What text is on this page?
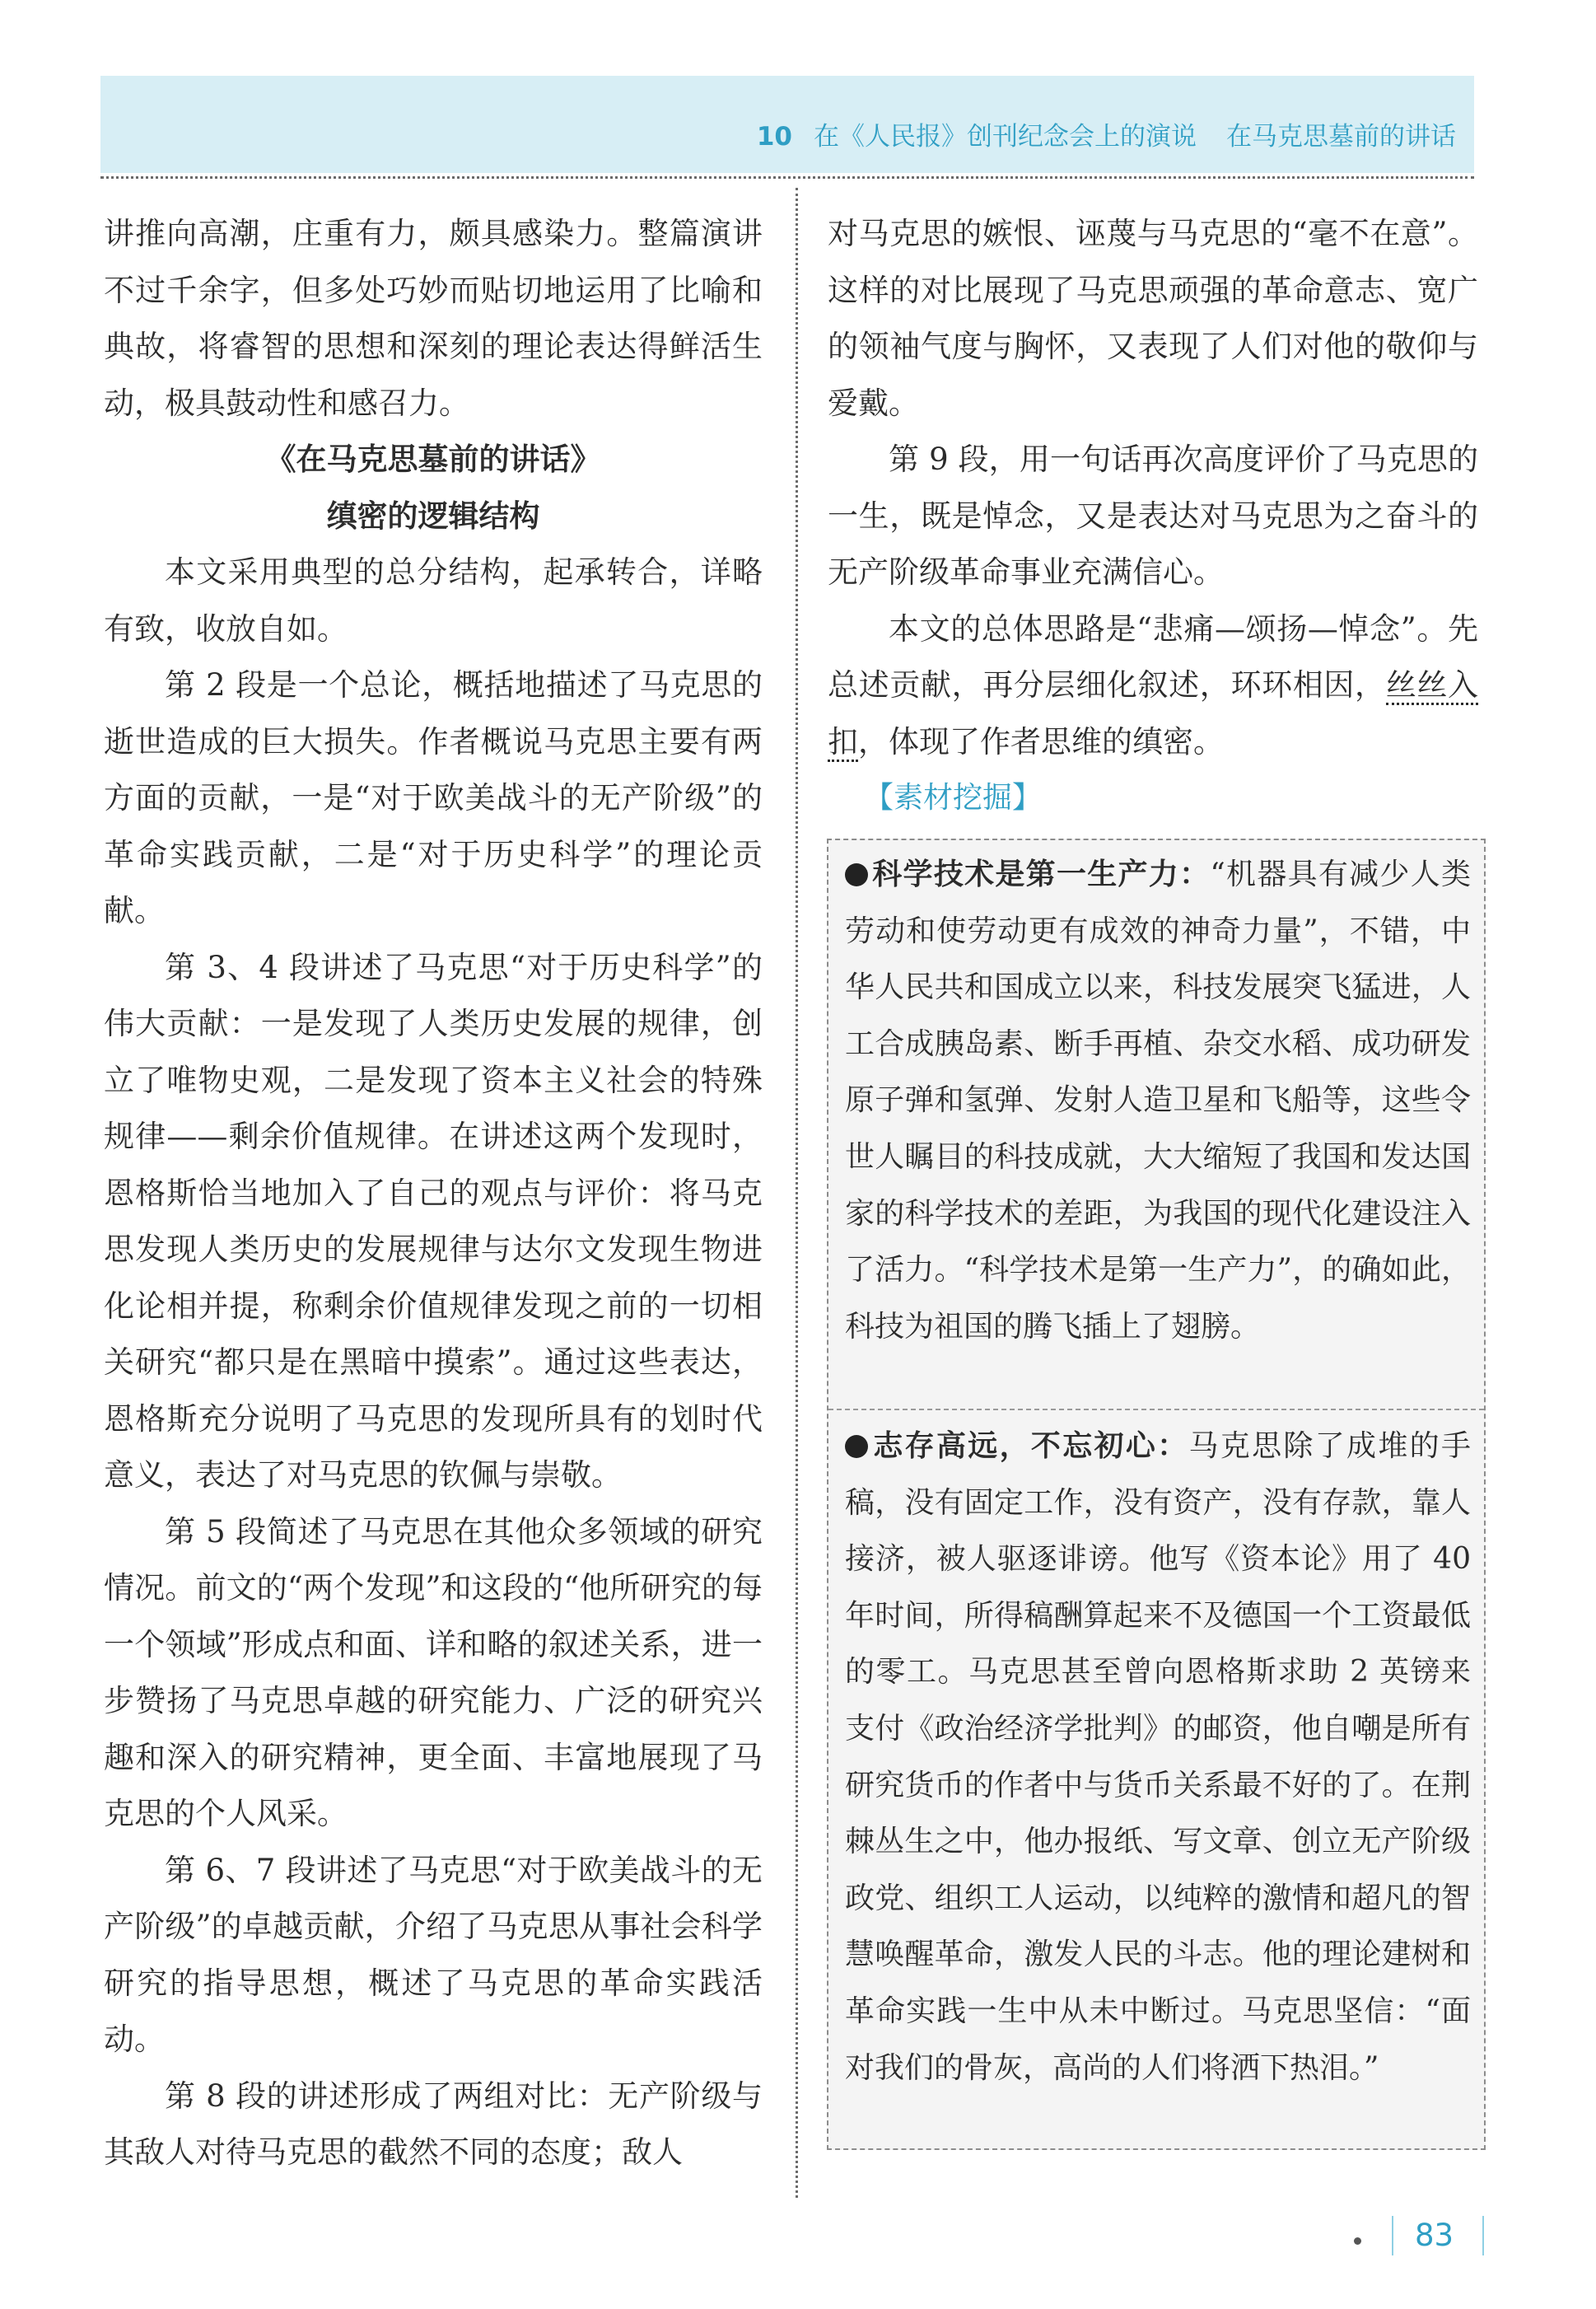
10 在《人民报》创刊纪念会上的演说 在马克思墓前的讲话

讲推向高潮，庄重有力，颇具感染力。整篇演讲不过千余字，但多处巧妙而贴切地运用了比喻和典故，将睿智的思想和深刻的理论表达得鲜活生动，极具鼓动性和感召力。

《在马克思墓前的讲话》
缜密的逻辑结构

本文采用典型的总分结构，起承转合，详略有致，收放自如。

第 2 段是一个总论，概括地描述了马克思的逝世造成的巨大损失。作者概说马克思主要有两方面的贡献，一是“对于欧美战斗的无产阶级”的革命实践贡献，二是“对于历史科学”的理论贡献。

第 3、4 段讲述了马克思“对于历史科学”的伟大贡献：一是发现了人类历史发展的规律，创立了唯物史观，二是发现了资本主义社会的特殊规律——剩余价值规律。在讲述这两个发现时，恩格斯恰当地加入了自己的观点与评价：将马克思发现人类历史的发展规律与达尔文发现生物进化论相并提，称剩余价值规律发现之前的一切相关研究“都只是在黑暗中摸索”。通过这些表达，恩格斯充分说明了马克思的发现所具有的划时代意义，表达了对马克思的钦佩与崇敬。

第 5 段简述了马克思在其他众多领域的研究情况。前文的“两个发现”和这段的“他所研究的每一个领域”形成点和面、详和略的叙述关系，进一步赞扬了马克思卓越的研究能力、广泛的研究兴趣和深入的研究精神，更全面、丰富地展现了马克思的个人风采。

第 6、7 段讲述了马克思“对于欧美战斗的无产阶级”的卓越贡献，介绍了马克思从事社会科学研究的指导思想，概述了马克思的革命实践活动。

第 8 段的讲述形成了两组对比：无产阶级与其敌人对待马克思的截然不同的态度；敌人

对马克思的嫉恨、诬蔑与马克思的“毫不在意”。这样的对比展现了马克思顽强的革命意志、宽广的领袖气度与胸怀，又表现了人们对他的敬仰与爱戴。

第 9 段，用一句话再次高度评价了马克思的一生，既是悼念，又是表达对马克思为之奋斗的无产阶级革命事业充满信心。

本文的总体思路是“悲痛—颂扬—悼念”。先总述贡献，再分层细化叙述，环环相因，丝丝入扣，体现了作者思维的缜密。

【素材挖掘】
科学技术是第一生产力：“机器具有减少人类劳动和使劳动更有成效的神奇力量”，不错，中华人民共和国成立以来，科技发展突飞猛进，人工合成胰岛素、断手再植、杂交水稻、成功研发原子弹和氢弹、发射人造卫星和飞船等，这些令世人瞩目的科技成就，大大缩短了我国和发达国家的科学技术的差距，为我国的现代化建设注入了活力。“科学技术是第一生产力”，的确如此，科技为祖国的腾飞插上了翅膀。
志存高远，不忘初心：马克思除了成堆的手稿，没有固定工作，没有资产，没有存款，靠人接济，被人驱逐诽谤。他写《资本论》用了 40 年时间，所得稿酬算起来不及德国一个工资最低的零工。马克思甚至曾向恩格斯求助 2 英镑来支付《政治经济学批判》的邮资，他自嘲是所有研究货币的作者中与货币关系最不好的了。在荆棘丛生之中，他办报纸、写文章、创立无产阶级政党、组织工人运动，以纯粹的激情和超凡的智慧唤醒革命，激发人民的斗志。他的理论建树和革命实践一生中从未中断过。马克思坚信：“面对我们的骨灰，高尚的人们将洒下热泪。”
83
